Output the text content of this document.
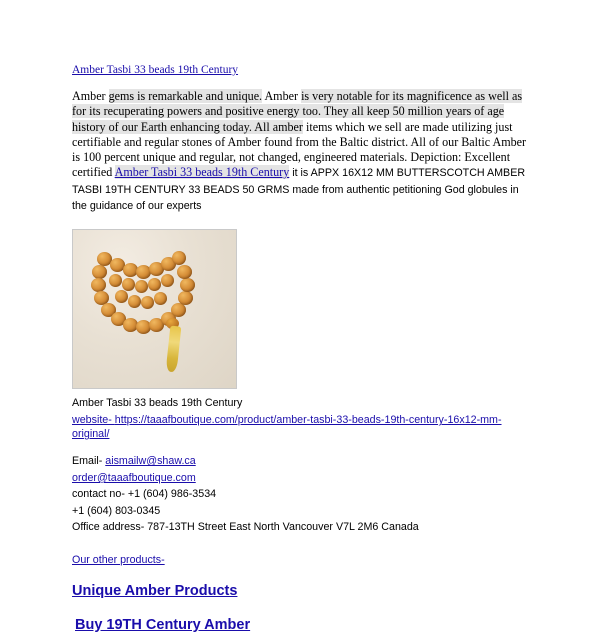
Amber Tasbi 33 beads 19th Century

Amber gems is remarkable and unique. Amber is very notable for its magnificence as well as for its recuperating powers and positive energy too. They all keep 50 million years of age history of our Earth enhancing today. All amber items which we sell are made utilizing just certifiable and regular stones of Amber found from the Baltic district. All of our Baltic Amber is 100 percent unique and regular, not changed, engineered materials. Depiction: Excellent certified Amber Tasbi 33 beads 19th Century it is APPX 16X12 MM BUTTERSCOTCH AMBER TASBI 19TH CENTURY 33 BEADS 50 GRMS made from authentic petitioning God globules in the guidance of our experts

Amber Tasbi 33 beads 19th Century
website- https://taaafboutique.com/product/amber-tasbi-33-beads-19th-century-16x12-mm-original/
Email- aismailw@shaw.ca
order@taaafboutique.com
contact no- +1 (604) 986-3534
+1 (604) 803-0345
Office address- 787-13TH Street East North Vancouver V7L 2M6 Canada
Our other products-
Unique Amber Products
Buy 19TH Century Amber
